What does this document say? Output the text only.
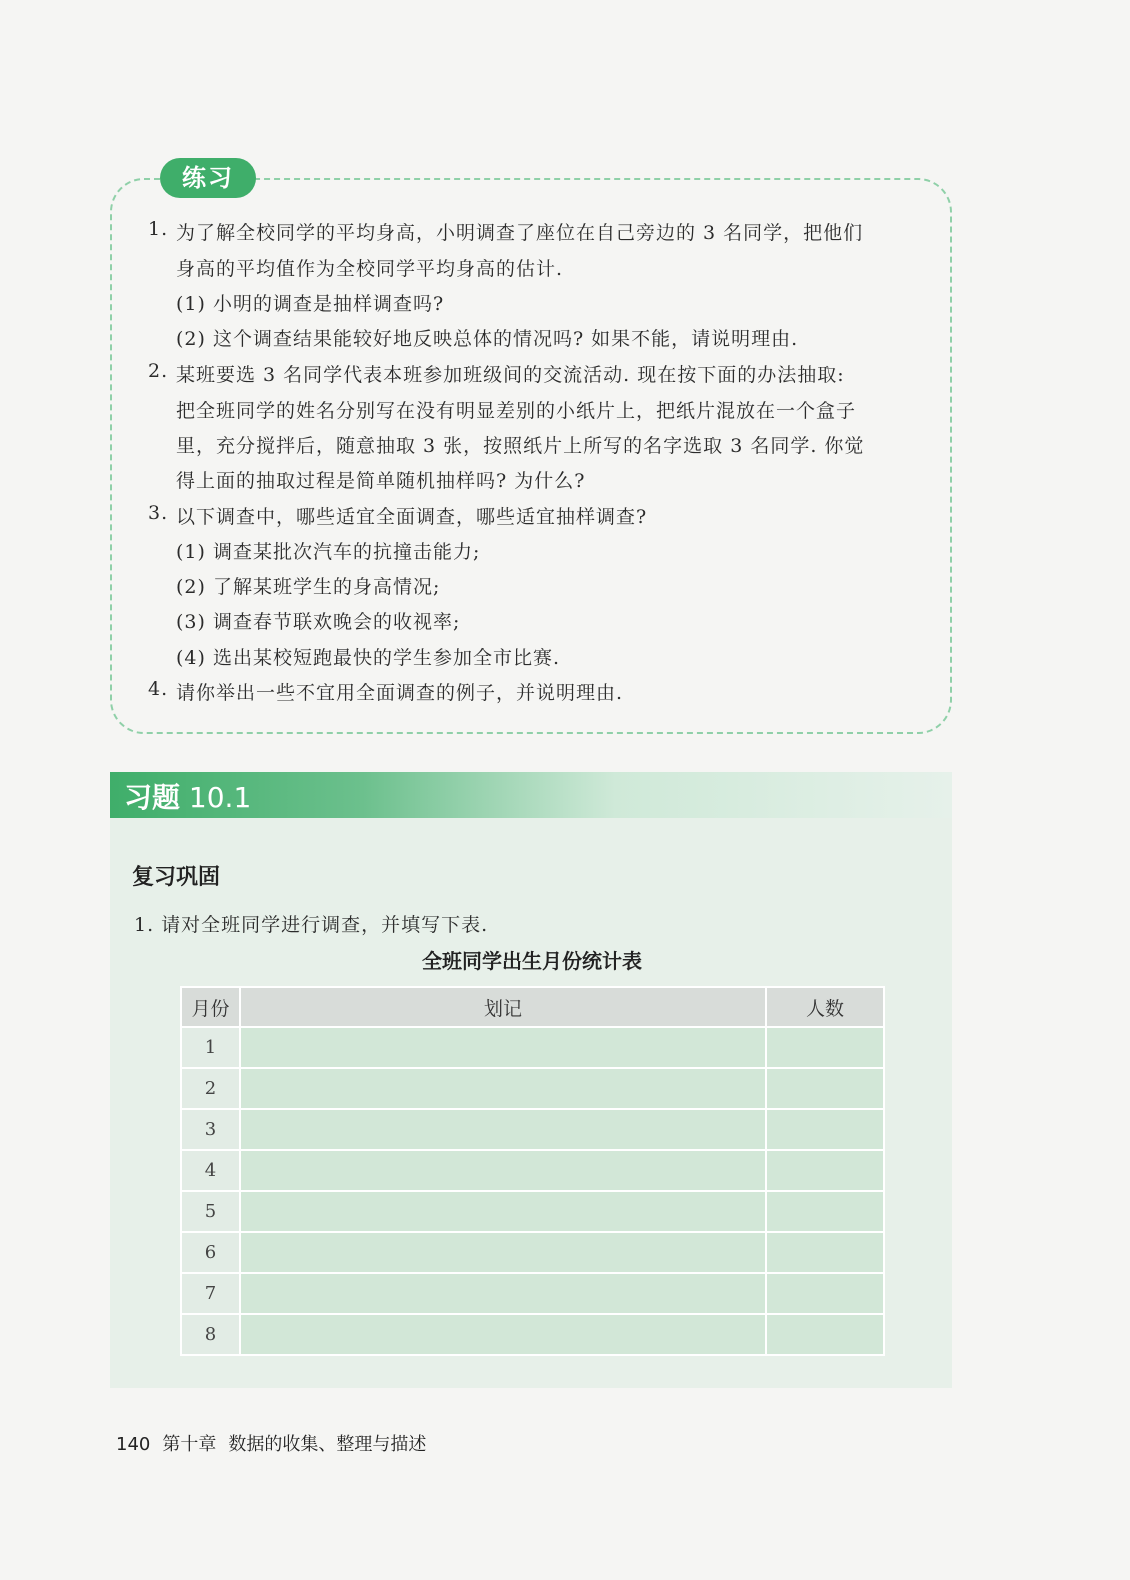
练习
1. 为了解全校同学的平均身高，小明调查了座位在自己旁边的 3 名同学，把他们
身高的平均值作为全校同学平均身高的估计.
(1) 小明的调查是抽样调查吗?
(2) 这个调查结果能较好地反映总体的情况吗? 如果不能，请说明理由.
2. 某班要选 3 名同学代表本班参加班级间的交流活动. 现在按下面的办法抽取:
把全班同学的姓名分别写在没有明显差别的小纸片上，把纸片混放在一个盒子
里，充分搅拌后，随意抽取 3 张，按照纸片上所写的名字选取 3 名同学. 你觉
得上面的抽取过程是简单随机抽样吗? 为什么?
3. 以下调查中，哪些适宜全面调查，哪些适宜抽样调查?
(1) 调查某批次汽车的抗撞击能力;
(2) 了解某班学生的身高情况;
(3) 调查春节联欢晚会的收视率;
(4) 选出某校短跑最快的学生参加全市比赛.
4. 请你举出一些不宜用全面调查的例子，并说明理由.
习题 10.1
复习巩固
1. 请对全班同学进行调查，并填写下表.
全班同学出生月份统计表
月份	划记	人数
1		
2		
3		
4		
5		
6		
7		
8		
140 第十章 数据的收集、整理与描述
